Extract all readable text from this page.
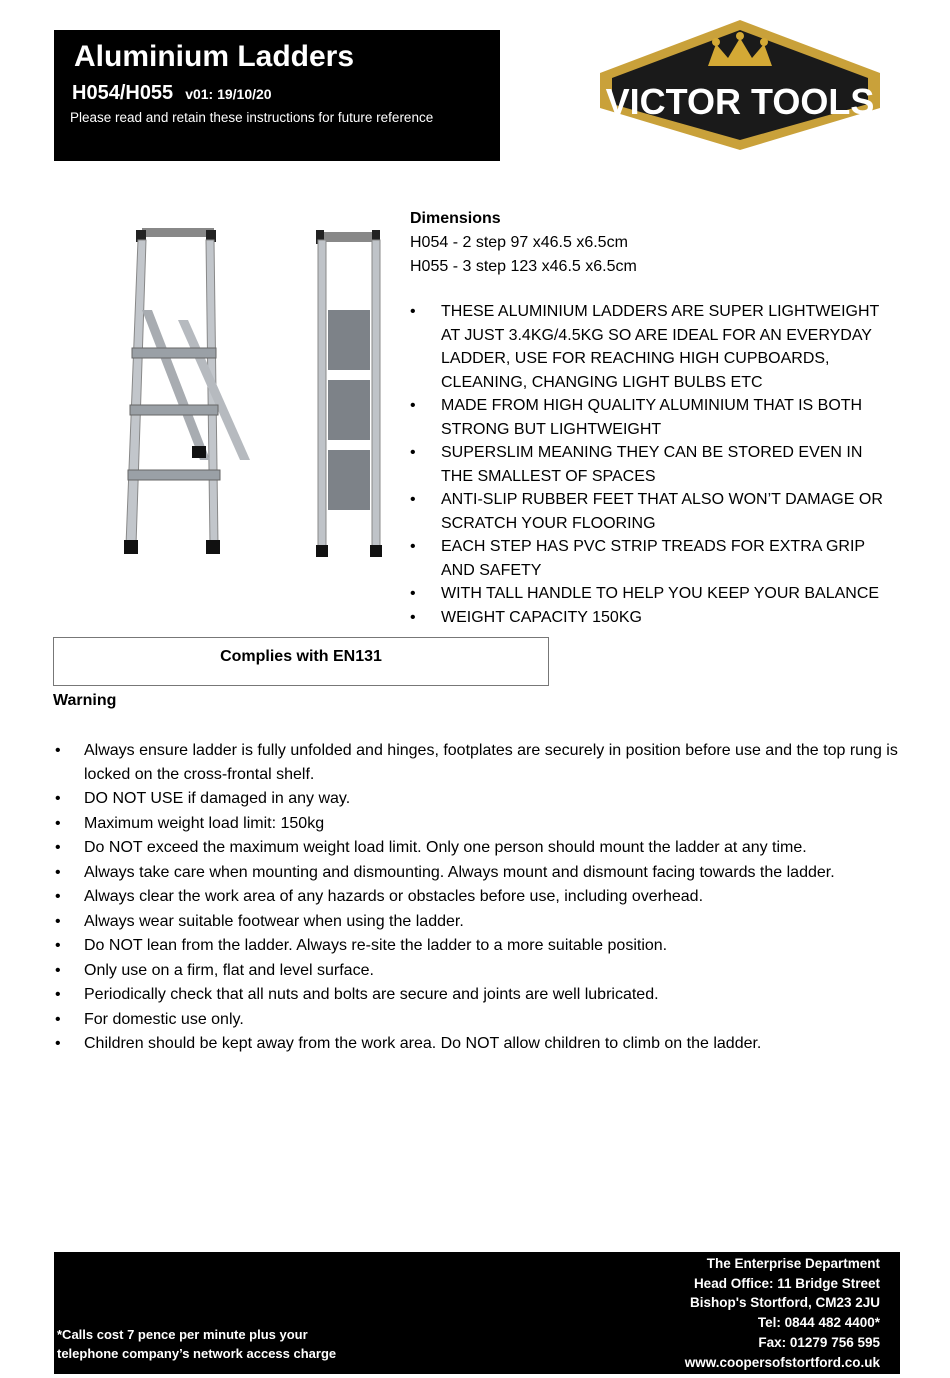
Aluminium Ladders
H054/H055 v01: 19/10/20
Please read and retain these instructions for future reference	VICTOR TOOLS
Dimensions
H054 - 2 step 97 x46.5 x6.5cm
H055 - 3 step 123 x46.5 x6.5cm
• THESE ALUMINIUM LADDERS ARE SUPER LIGHTWEIGHT AT JUST 3.4KG/4.5KG SO ARE IDEAL FOR AN EVERYDAY LADDER, USE FOR REACHING HIGH CUPBOARDS, CLEANING, CHANGING LIGHT BULBS ETC
• MADE FROM HIGH QUALITY ALUMINIUM THAT IS BOTH STRONG BUT LIGHTWEIGHT
• SUPERSLIM MEANING THEY CAN BE STORED EVEN IN THE SMALLEST OF SPACES
• ANTI-SLIP RUBBER FEET THAT ALSO WON’T DAMAGE OR SCRATCH YOUR FLOORING
• EACH STEP HAS PVC STRIP TREADS FOR EXTRA GRIP AND SAFETY
• WITH TALL HANDLE TO HELP YOU KEEP YOUR BALANCE
• WEIGHT CAPACITY 150KG
Complies with EN131
Warning
• Always ensure ladder is fully unfolded and hinges, footplates are securely in position before use and the top rung is locked on the cross-frontal shelf.
• DO NOT USE if damaged in any way.
• Maximum weight load limit: 150kg
• Do NOT exceed the maximum weight load limit. Only one person should mount the ladder at any time.
• Always take care when mounting and dismounting. Always mount and dismount facing towards the ladder.
• Always clear the work area of any hazards or obstacles before use, including overhead.
• Always wear suitable footwear when using the ladder.
• Do NOT lean from the ladder. Always re-site the ladder to a more suitable position.
• Only use on a firm, flat and level surface.
• Periodically check that all nuts and bolts are secure and joints are well lubricated.
• For domestic use only.
• Children should be kept away from the work area. Do NOT allow children to climb on the ladder.
*Calls cost 7 pence per minute plus your
telephone company’s network access charge
The Enterprise Department
Head Office: 11 Bridge Street
Bishop's Stortford, CM23 2JU
Tel: 0844 482 4400*
Fax: 01279 756 595
www.coopersofstortford.co.uk
